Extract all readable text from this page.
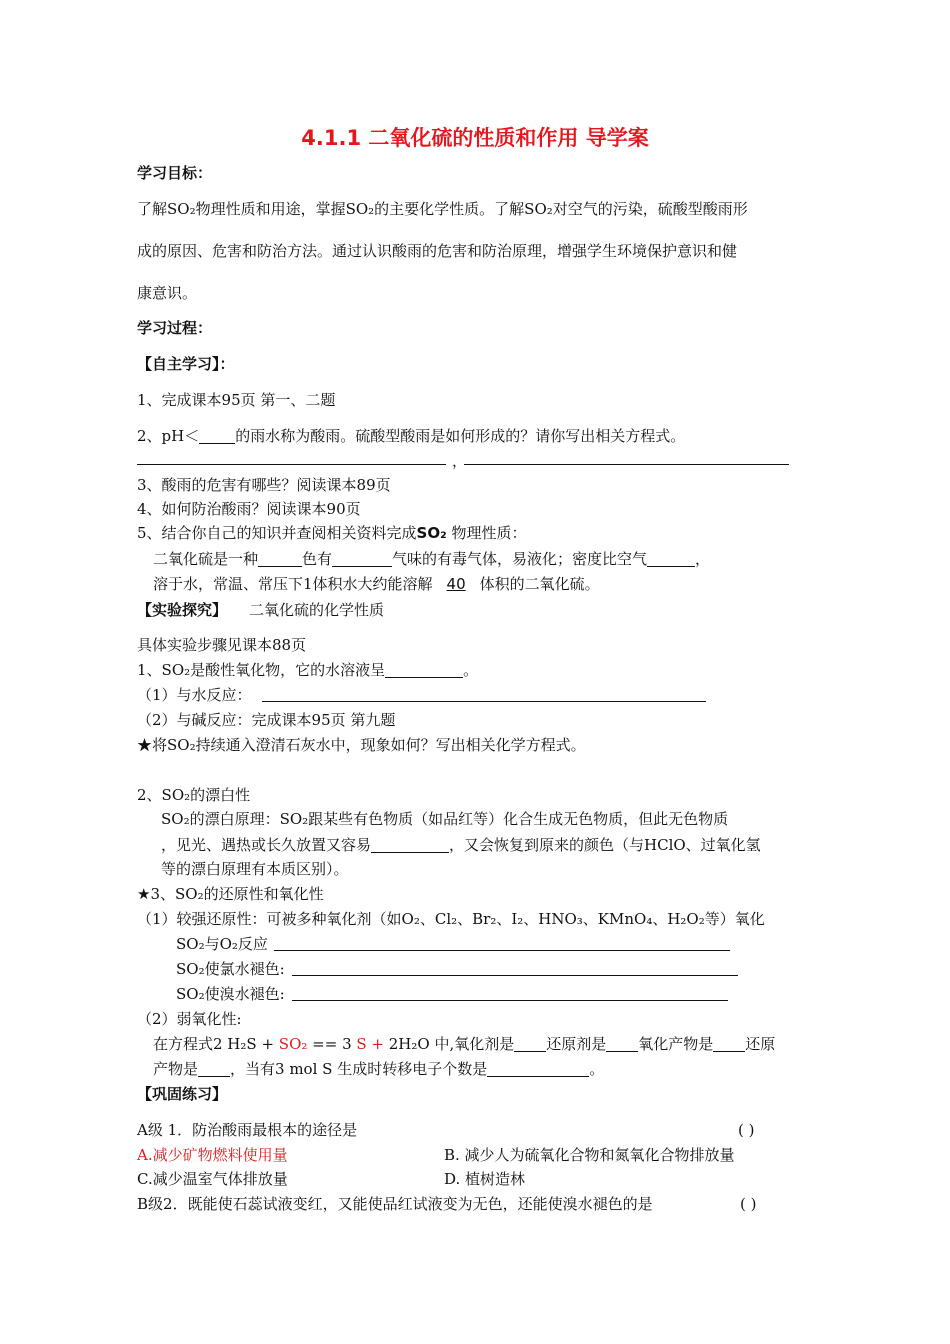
4.1.1 二氧化硫的性质和作用 导学案
学习目标：
了解SO₂物理性质和用途，掌握SO₂的主要化学性质。了解SO₂对空气的污染，硫酸型酸雨形
成的原因、危害和防治方法。通过认识酸雨的危害和防治原理，增强学生环境保护意识和健
康意识。
学习过程：
【自主学习】：
1、完成课本95页 第一、二题
2、pH＜ 的雨水称为酸雨。硫酸型酸雨是如何形成的？请你写出相关方程式。
，
3、酸雨的危害有哪些？阅读课本89页
4、如何防治酸雨？阅读课本90页
5、结合你自己的知识并查阅相关资料完成SO₂ 物理性质：
二氧化硫是一种	色有	气味的有毒气体，易液化；密度比空气	，
溶于水，常温、常压下1体积水大约能溶解 40 体积的二氧化硫。
【实验探究】 二氧化硫的化学性质
具体实验步骤见课本88页
1、SO₂是酸性氧化物，它的水溶液呈	。
（1）与水反应：
（2）与碱反应：完成课本95页 第九题
★将SO₂持续通入澄清石灰水中，现象如何？写出相关化学方程式。
2、SO₂的漂白性
SO₂的漂白原理：SO₂跟某些有色物质（如品红等）化合生成无色物质，但此无色物质
，见光、遇热或长久放置又容易	，又会恢复到原来的颜色（与HClO、过氧化氢
等的漂白原理有本质区别）。
★3、SO₂的还原性和氧化性
（1）较强还原性：可被多种氧化剂（如O₂、Cl₂、Br₂、I₂、HNO₃、KMnO₄、H₂O₂等）氧化
SO₂与O₂反应
SO₂使氯水褪色:
SO₂使溴水褪色:
（2）弱氧化性:
在方程式2 H₂S + SO₂ == 3 S + 2H₂O 中,氧化剂是 还原剂是 氧化产物是 还原
产物是 ，当有3 mol S 生成时转移电子个数是	。
【巩固练习】
A级 1．防治酸雨最根本的途径是	( )
A.减少矿物燃料使用量	B. 减少人为硫氧化合物和氮氧化合物排放量
C.减少温室气体排放量	D. 植树造林
B级2．既能使石蕊试液变红，又能使品红试液变为无色，还能使溴水褪色的是	( )
